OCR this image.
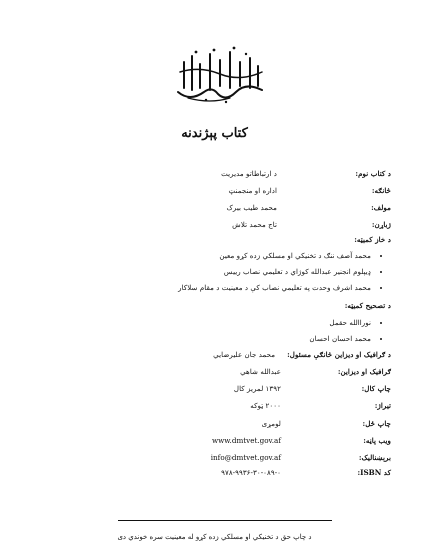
كتاب پېژندنه
د كتاب نوم:
د ارتباطاتو مديريت
څانګه:
اداره او منجمنټ
مولف:
محمد طيب بيرک
ژباړن:
تاج محمد تلاش
د خاز كميټه:
• محمد آصف ننګ د تخنيکي او مسلکي زده کړو معين
• ډيپلوم انجنير عبدالله کوژاي د تعليمي نصاب رييس
• محمد اشرف وحدت په تعليمي نصاب کې د معينيت د مقام سلاکار
د تصحيح كميټه:
• نوراالله حقمل
• محمد احسان احسان
د ګرافيک او ديزاين څانګې مسئول:
محمد جان عليرضايي
ګرافيک او ديزاين:
عبدالله شاهي
چاپ كال:
۱۳۹۲ لمريز كال
تيراژ:
۲۰۰۰ ټوكه
چاپ ځل:
لومړی
ويب پاڼه:
www.dmtvet.gov.af
برېښناليک:
info@dmtvet.gov.af
کد ISBN:
۹۷۸-۹۹۳۶-۳۰-۰۸۹-۰
د چاپ حق د تخنيکي او مسلکي زده کړو له معينيت سره خوندي دی
